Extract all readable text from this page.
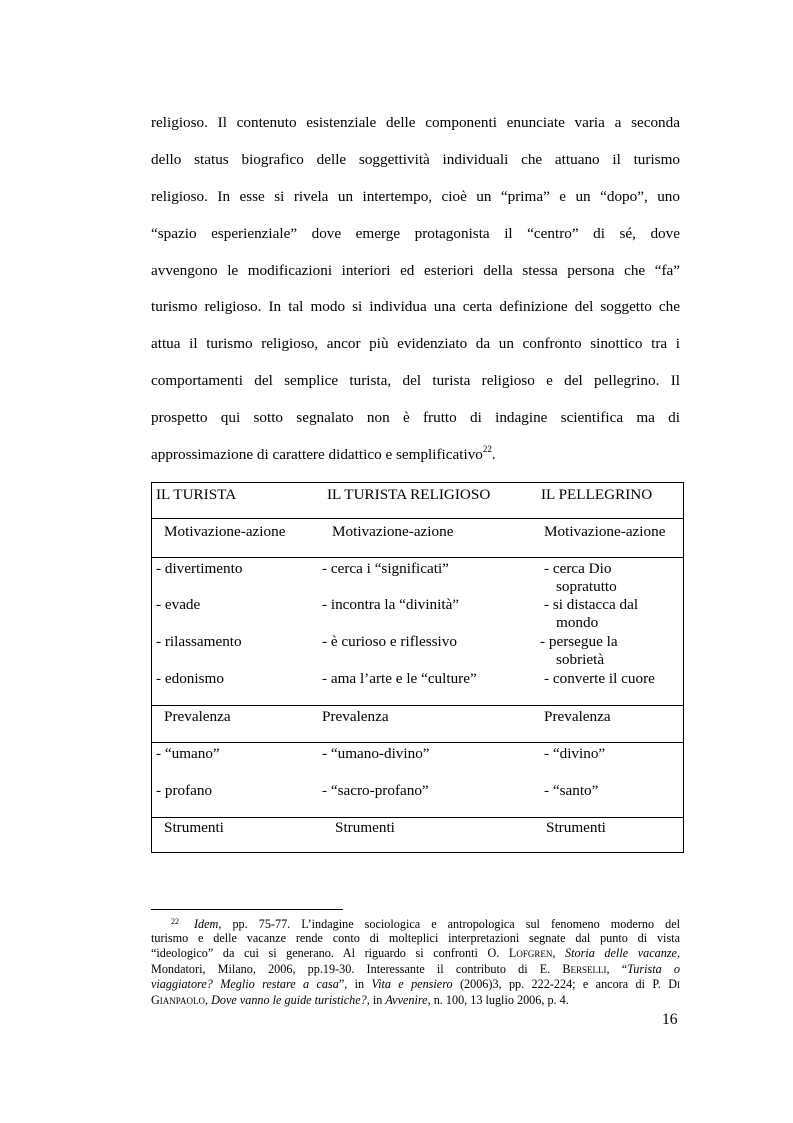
religioso. Il contenuto esistenziale delle componenti enunciate varia a seconda
dello status biografico delle soggettività individuali che attuano il turismo
religioso. In esse si rivela un intertempo, cioè un “prima” e un “dopo”, uno
“spazio esperienziale” dove emerge protagonista il “centro” di sé, dove
avvengono le modificazioni interiori ed esteriori della stessa persona che “fa”
turismo religioso. In tal modo si individua una certa definizione del soggetto che
attua il turismo religioso, ancor più evidenziato da un confronto sinottico tra i
comportamenti del semplice turista, del turista religioso e del pellegrino. Il
prospetto qui sotto segnalato non è frutto di indagine scientifica ma di
approssimazione di carattere didattico e semplificativo$^{22}$.
IL TURISTA	IL TURISTA RELIGIOSO	IL PELLEGRINO
Motivazione-azione	Motivazione-azione	Motivazione-azione
- divertimento	- cerca i “significati”	- cerca Dio
sopratutto
- evade	- incontra la “divinità”	- si distacca dal
mondo
- rilassamento	- è curioso e riflessivo	- persegue la
sobrietà
- edonismo	- ama l’arte e le “culture”	- converte il cuore
Prevalenza	Prevalenza	Prevalenza
- “umano”	- “umano-divino”	- “divino”
- profano	- “sacro-profano”	- “santo”
Strumenti	Strumenti	Strumenti
$^{22}$ Idem, pp. 75-77. L’indagine sociologica e antropologica sul fenomeno moderno del
turismo e delle vacanze rende conto di molteplici interpretazioni segnate dal punto di vista
“ideologico” da cui si generano. Al riguardo si confronti O. Lofgren, Storia delle vacanze,
Mondatori, Milano, 2006, pp.19-30. Interessante il contributo di E. Berselli, “Turista o
viaggiatore? Meglio restare a casa”, in Vita e pensiero (2006)3, pp. 222-224; e ancora di P. Di
Gianpaolo, Dove vanno le guide turistiche?, in Avvenire, n. 100, 13 luglio 2006, p. 4.
16
